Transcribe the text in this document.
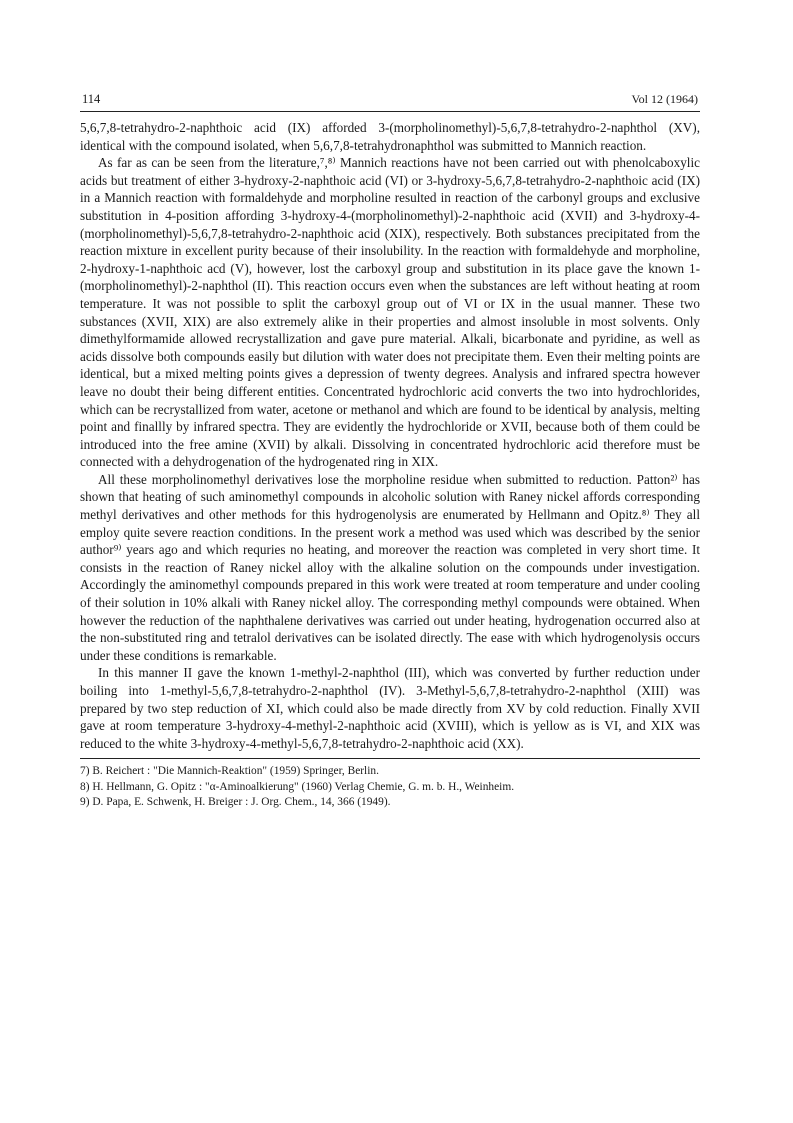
114	Vol 12 (1964)

5,6,7,8-tetrahydro-2-naphthoic acid (IX) afforded 3-(morpholinomethyl)-5,6,7,8-tetrahydro-2-naphthol (XV), identical with the compound isolated, when 5,6,7,8-tetrahydronaphthol was submitted to Mannich reaction.

As far as can be seen from the literature,⁷,⁸⁾ Mannich reactions have not been carried out with phenolcaboxylic acids but treatment of either 3-hydroxy-2-naphthoic acid (VI) or 3-hydroxy-5,6,7,8-tetrahydro-2-naphthoic acid (IX) in a Mannich reaction with formaldehyde and morpholine resulted in reaction of the carbonyl groups and exclusive substitution in 4-position affording 3-hydroxy-4-(morpholinomethyl)-2-naphthoic acid (XVII) and 3-hydroxy-4-(morpholinomethyl)-5,6,7,8-tetrahydro-2-naphthoic acid (XIX), respectively. Both substances precipitated from the reaction mixture in excellent purity because of their insolubility. In the reaction with formaldehyde and morpholine, 2-hydroxy-1-naphthoic acd (V), however, lost the carboxyl group and substitution in its place gave the known 1-(morpholinomethyl)-2-naphthol (II). This reaction occurs even when the substances are left without heating at room temperature. It was not possible to split the carboxyl group out of VI or IX in the usual manner. These two substances (XVII, XIX) are also extremely alike in their properties and almost insoluble in most solvents. Only dimethylformamide allowed recrystallization and gave pure material. Alkali, bicarbonate and pyridine, as well as acids dissolve both compounds easily but dilution with water does not precipitate them. Even their melting points are identical, but a mixed melting points gives a depression of twenty degrees. Analysis and infrared spectra however leave no doubt their being different entities. Concentrated hydrochloric acid converts the two into hydrochlorides, which can be recrystallized from water, acetone or methanol and which are found to be identical by analysis, melting point and finallly by infrared spectra. They are evidently the hydrochloride or XVII, because both of them could be introduced into the free amine (XVII) by alkali. Dissolving in concentrated hydrochloric acid therefore must be connected with a dehydrogenation of the hydrogenated ring in XIX.

All these morpholinomethyl derivatives lose the morpholine residue when submitted to reduction. Patton²⁾ has shown that heating of such aminomethyl compounds in alcoholic solution with Raney nickel affords corresponding methyl derivatives and other methods for this hydrogenolysis are enumerated by Hellmann and Opitz.⁸⁾ They all employ quite severe reaction conditions. In the present work a method was used which was described by the senior author⁹⁾ years ago and which requries no heating, and moreover the reaction was completed in very short time. It consists in the reaction of Raney nickel alloy with the alkaline solution on the compounds under investigation. Accordingly the aminomethyl compounds prepared in this work were treated at room temperature and under cooling of their solution in 10% alkali with Raney nickel alloy. The corresponding methyl compounds were obtained. When however the reduction of the naphthalene derivatives was carried out under heating, hydrogenation occurred also at the non-substituted ring and tetralol derivatives can be isolated directly. The ease with which hydrogenolysis occurs under these conditions is remarkable.

In this manner II gave the known 1-methyl-2-naphthol (III), which was converted by further reduction under boiling into 1-methyl-5,6,7,8-tetrahydro-2-naphthol (IV). 3-Methyl-5,6,7,8-tetrahydro-2-naphthol (XIII) was prepared by two step reduction of XI, which could also be made directly from XV by cold reduction. Finally XVII gave at room temperature 3-hydroxy-4-methyl-2-naphthoic acid (XVIII), which is yellow as is VI, and XIX was reduced to the white 3-hydroxy-4-methyl-5,6,7,8-tetrahydro-2-naphthoic acid (XX).

7) B. Reichert : "Die Mannich-Reaktion" (1959) Springer, Berlin.
8) H. Hellmann, G. Opitz : "α-Aminoalkierung" (1960) Verlag Chemie, G. m. b. H., Weinheim.
9) D. Papa, E. Schwenk, H. Breiger : J. Org. Chem., 14, 366 (1949).
